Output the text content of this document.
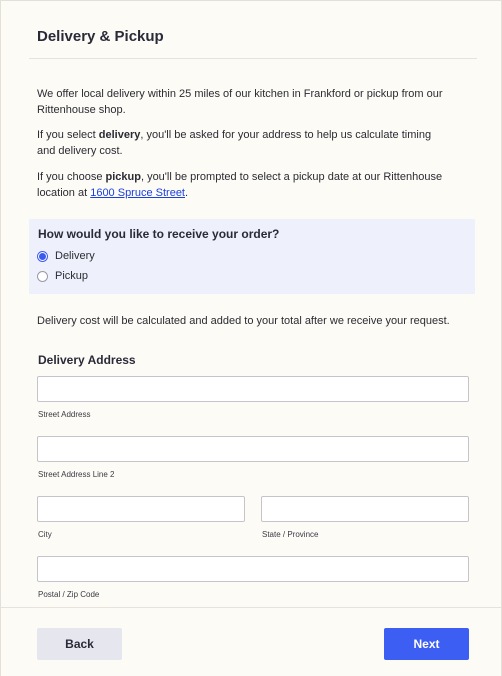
Delivery & Pickup
We offer local delivery within 25 miles of our kitchen in Frankford or pickup from our Rittenhouse shop.
If you select delivery, you'll be asked for your address to help us calculate timing and delivery cost.
If you choose pickup, you'll be prompted to select a pickup date at our Rittenhouse location at 1600 Spruce Street.
How would you like to receive your order?
Delivery
Pickup
Delivery cost will be calculated and added to your total after we receive your request.
Delivery Address
Street Address
Street Address Line 2
City	State / Province
Postal / Zip Code
Back	Next
